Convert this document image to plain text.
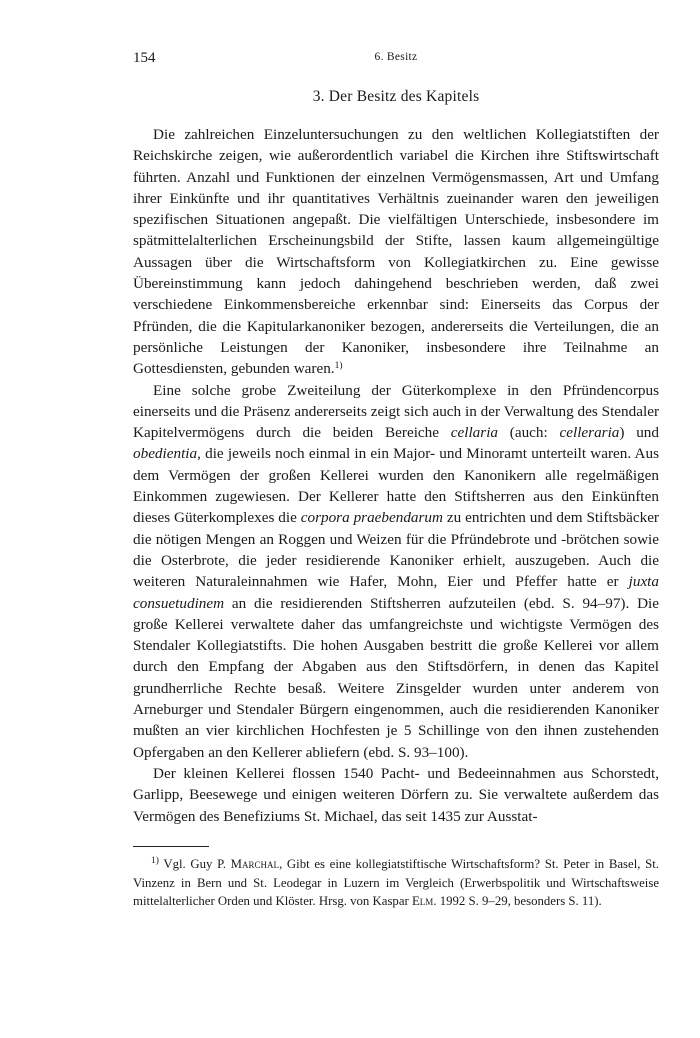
154	6. Besitz
3. Der Besitz des Kapitels

Die zahlreichen Einzeluntersuchungen zu den weltlichen Kollegiatstiften der Reichskirche zeigen, wie außerordentlich variabel die Kirchen ihre Stiftswirtschaft führten. Anzahl und Funktionen der einzelnen Vermögensmassen, Art und Umfang ihrer Einkünfte und ihr quantitatives Verhältnis zueinander waren den jeweiligen spezifischen Situationen angepaßt. Die vielfältigen Unterschiede, insbesondere im spätmittelalterlichen Erscheinungsbild der Stifte, lassen kaum allgemeingültige Aussagen über die Wirtschaftsform von Kollegiatkirchen zu. Eine gewisse Übereinstimmung kann jedoch dahingehend beschrieben werden, daß zwei verschiedene Einkommensbereiche erkennbar sind: Einerseits das Corpus der Pfründen, die die Kapitularkanoniker bezogen, andererseits die Verteilungen, die an persönliche Leistungen der Kanoniker, insbesondere ihre Teilnahme an Gottesdiensten, gebunden waren.$^{1)}$

Eine solche grobe Zweiteilung der Güterkomplexe in den Pfründencorpus einerseits und die Präsenz andererseits zeigt sich auch in der Verwaltung des Stendaler Kapitelvermögens durch die beiden Bereiche cellaria (auch: celleraria) und obedientia, die jeweils noch einmal in ein Major- und Minoramt unterteilt waren. Aus dem Vermögen der großen Kellerei wurden den Kanonikern alle regelmäßigen Einkommen zugewiesen. Der Kellerer hatte den Stiftsherren aus den Einkünften dieses Güterkomplexes die corpora praebendarum zu entrichten und dem Stiftsbäcker die nötigen Mengen an Roggen und Weizen für die Pfründebrote und -brötchen sowie die Osterbrote, die jeder residierende Kanoniker erhielt, auszugeben. Auch die weiteren Naturaleinnahmen wie Hafer, Mohn, Eier und Pfeffer hatte er juxta consuetudinem an die residierenden Stiftsherren aufzuteilen (ebd. S. 94–97). Die große Kellerei verwaltete daher das umfangreichste und wichtigste Vermögen des Stendaler Kollegiatstifts. Die hohen Ausgaben bestritt die große Kellerei vor allem durch den Empfang der Abgaben aus den Stiftsdörfern, in denen das Kapitel grundherrliche Rechte besaß. Weitere Zinsgelder wurden unter anderem von Arneburger und Stendaler Bürgern eingenommen, auch die residierenden Kanoniker mußten an vier kirchlichen Hochfesten je 5 Schillinge von den ihnen zustehenden Opfergaben an den Kellerer abliefern (ebd. S. 93–100).

Der kleinen Kellerei flossen 1540 Pacht- und Bedeeinnahmen aus Schorstedt, Garlipp, Beesewege und einigen weiteren Dörfern zu. Sie verwaltete außerdem das Vermögen des Benefiziums St. Michael, das seit 1435 zur Ausstat-

$^{1)}$ Vgl. Guy P. Marchal, Gibt es eine kollegiatstiftische Wirtschaftsform? St. Peter in Basel, St. Vinzenz in Bern und St. Leodegar in Luzern im Vergleich (Erwerbspolitik und Wirtschaftsweise mittelalterlicher Orden und Klöster. Hrsg. von Kaspar Elm. 1992 S. 9–29, besonders S. 11).
